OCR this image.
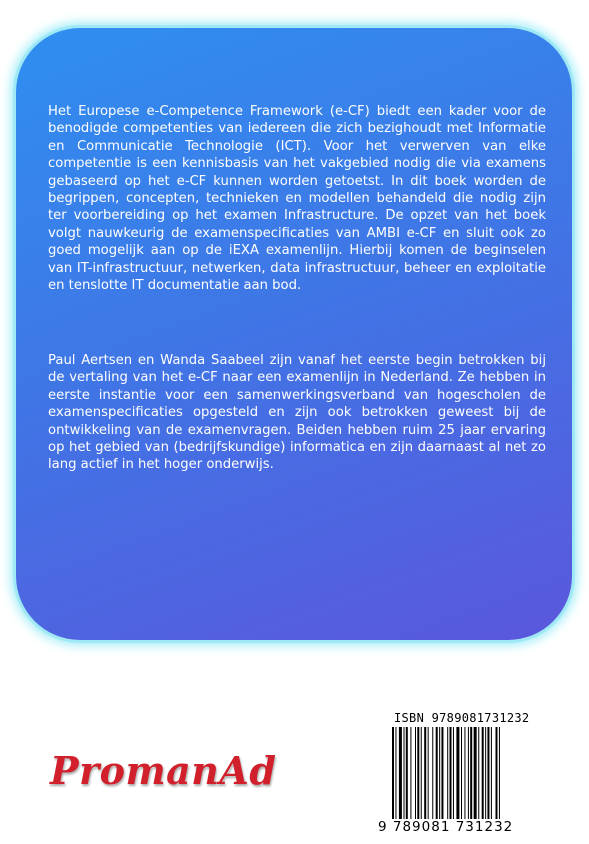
Het Europese e-Competence Framework (e-CF) biedt een kader voor de benodigde competenties van iedereen die zich bezighoudt met Informatie en Communicatie Technologie (ICT). Voor het verwerven van elke competentie is een kennisbasis van het vakgebied nodig die via examens gebaseerd op het e-CF kunnen worden getoetst. In dit boek worden de begrippen, concepten, technieken en modellen behandeld die nodig zijn ter voorbereiding op het examen Infrastructure. De opzet van het boek volgt nauwkeurig de examenspecificaties van AMBI e-CF en sluit ook zo goed mogelijk aan op de iEXA examenlijn. Hierbij komen de beginselen van IT-infrastructuur, netwerken, data infrastructuur, beheer en exploitatie en tenslotte IT documentatie aan bod.
Paul Aertsen en Wanda Saabeel zijn vanaf het eerste begin betrokken bij de vertaling van het e-CF naar een examenlijn in Nederland. Ze hebben in eerste instantie voor een samenwerkingsverband van hogescholen de examenspecificaties opgesteld en zijn ook betrokken geweest bij de ontwikkeling van de examenvragen. Beiden hebben ruim 25 jaar ervaring op het gebied van (bedrijfskundige) informatica en zijn daarnaast al net zo lang actief in het hoger onderwijs.
PromanAd
ISBN 9789081731232
9 789081 731232
